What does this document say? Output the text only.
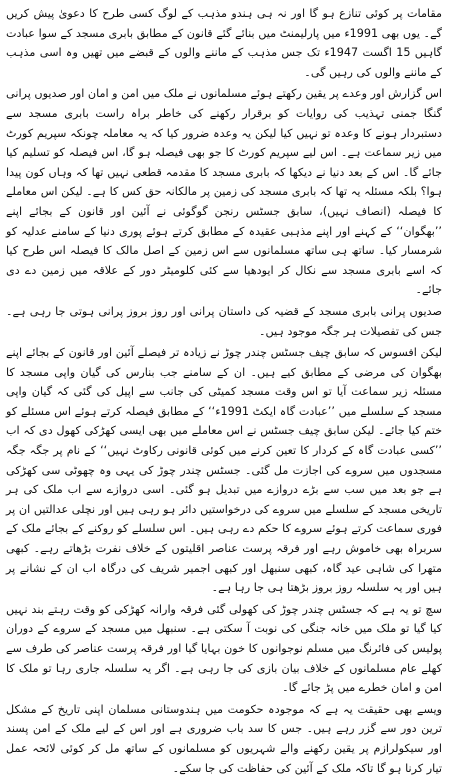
مقامات پر کوئی تنازع ہو گا اور نہ ہی ہندو مذہب کے لوگ کسی طرح کا دعویٰ پیش کریں گے۔ یوں بھی 1991ء میں پارلیمنٹ میں بنائے گئے قانون کے مطابق بابری مسجد کے سوا عبادت گاہیں 15 اگست 1947ء تک جس مذہب کے ماننے والوں کے قبضے میں تھیں وہ اسی مذہب کے ماننے والوں کی رہیں گی۔

اس گزارش اور وعدے پر یقین رکھتے ہوئے مسلمانوں نے ملک میں امن و امان اور صدیوں پرانی گنگا جمنی تہذیب کی روایات کو برقرار رکھنے کی خاطر براہ راست بابری مسجد سے دستبردار ہونے کا وعدہ تو نہیں کیا لیکن یہ وعدہ ضرور کیا کہ یہ معاملہ چونکہ سپریم کورٹ میں زیر سماعت ہے۔ اس لیے سپریم کورٹ کا جو بھی فیصلہ ہو گا، اس فیصلہ کو تسلیم کیا جائے گا۔ اس کے بعد دنیا نے دیکھا کہ بابری مسجد کا مقدمہ قطعی نہیں تھا کہ وہاں کون پیدا ہوا؟ بلکہ مسئلہ یہ تھا کہ بابری مسجد کی زمین پر مالکانہ حق کس کا ہے۔ لیکن اس معاملے کا فیصلہ (انصاف نہیں)، سابق جسٹس رنجن گوگوئی نے آئین اور قانون کے بجائے اپنے ’’بھگوان‘‘ کے کہنے اور اپنے مذہبی عقیدہ کے مطابق کرتے ہوئے پوری دنیا کے سامنے عدلیہ کو شرمسار کیا۔ ساتھ ہی ساتھ مسلمانوں سے اس زمین کے اصل مالک کا فیصلہ اس طرح کیا کہ اسے بابری مسجد سے نکال کر ایودھیا سے کئی کلومیٹر دور کے علاقہ میں زمین دے دی جائے۔

صدیوں پرانی بابری مسجد کے قضیہ کی داستان پرانی اور روز بروز پرانی ہوتی جا رہی ہے۔ جس کی تفصیلات ہر جگہ موجود ہیں۔

لیکن افسوس کہ سابق چیف جسٹس چندر چوڑ نے زیادہ تر فیصلے آئین اور قانون کے بجائے اپنے بھگوان کی مرضی کے مطابق کیے ہیں۔ ان کے سامنے جب بنارس کی گیان واپی مسجد کا مسئلہ زیر سماعت آیا تو اس وقت مسجد کمیٹی کی جانب سے اپیل کی گئی کہ گیان واپی مسجد کے سلسلے میں ’’عبادت گاہ ایکٹ 1991ء‘‘ کے مطابق فیصلہ کرتے ہوئے اس مسئلے کو ختم کیا جائے۔ لیکن سابق چیف جسٹس نے اس معاملے میں بھی ایسی کھڑکی کھول دی کہ اب ’’کسی عبادت گاہ کے کردار کا تعین کرنے میں کوئی قانونی رکاوٹ نہیں‘‘ کے نام پر جگہ جگہ مسجدوں میں سروے کی اجازت مل گئی۔ جسٹس چندر چوڑ کی یہی وہ چھوٹی سی کھڑکی ہے جو بعد میں سب سے بڑے دروازے میں تبدیل ہو گئی۔ اسی دروازے سے اب ملک کی ہر تاریخی مسجد کے سلسلے میں سروے کی درخواستیں دائر ہو رہی ہیں اور نچلی عدالتیں ان پر فوری سماعت کرتے ہوئے سروے کا حکم دے رہی ہیں۔ اس سلسلے کو روکنے کے بجائے ملک کے سربراہ بھی خاموش رہے اور فرقہ پرست عناصر اقلیتوں کے خلاف نفرت بڑھاتے رہے۔ کبھی متھرا کی شاہی عید گاہ، کبھی سنبھل اور کبھی اجمیر شریف کی درگاہ اب ان کے نشانے پر ہیں اور یہ سلسلہ روز بروز بڑھتا ہی جا رہا ہے۔

سچ تو یہ ہے کہ جسٹس چندر چوڑ کی کھولی گئی فرقہ وارانہ کھڑکی کو وقت رہتے بند نہیں کیا گیا تو ملک میں خانہ جنگی کی نوبت آ سکتی ہے۔ سنبھل میں مسجد کے سروے کے دوران پولیس کی فائرنگ میں مسلم نوجوانوں کا خون بہایا گیا اور فرقہ پرست عناصر کی طرف سے کھلے عام مسلمانوں کے خلاف بیان بازی کی جا رہی ہے۔ اگر یہ سلسلہ جاری رہا تو ملک کا امن و امان خطرے میں پڑ جائے گا۔

ویسے بھی حقیقت یہ ہے کہ موجودہ حکومت میں ہندوستانی مسلمان اپنی تاریخ کے مشکل ترین دور سے گزر رہے ہیں۔ جس کا سد باب ضروری ہے اور اس کے لیے ملک کے امن پسند اور سیکولرازم پر یقین رکھنے والے شہریوں کو مسلمانوں کے ساتھ مل کر کوئی لائحہ عمل تیار کرنا ہو گا تاکہ ملک کے آئین کی حفاظت کی جا سکے۔
